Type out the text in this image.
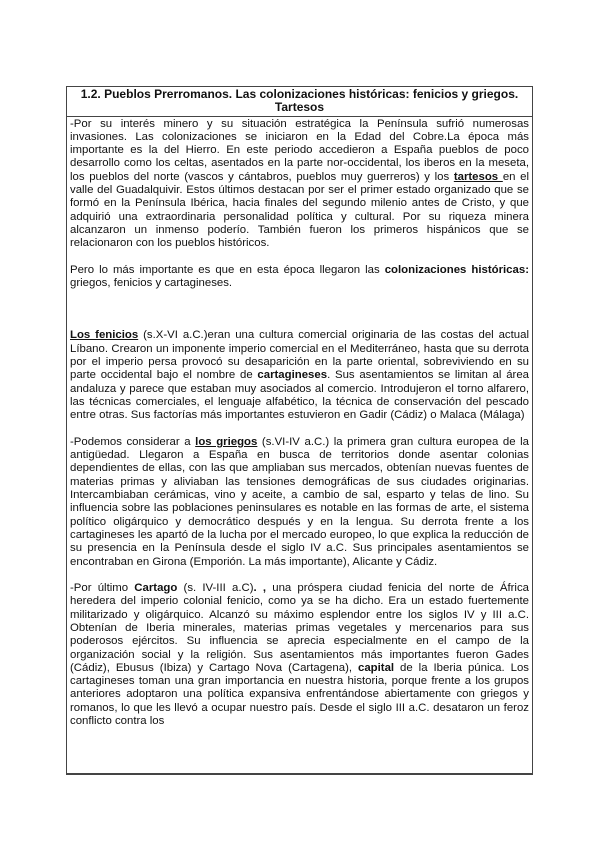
1.2. Pueblos Prerromanos. Las colonizaciones históricas: fenicios y griegos. Tartesos

-Por su interés minero y su situación estratégica la Península sufrió numerosas invasiones. Las colonizaciones se iniciaron en la Edad del Cobre.La época más importante es la del Hierro. En este periodo accedieron a España pueblos de poco desarrollo como los celtas, asentados en la parte nor-occidental, los iberos en la meseta, los pueblos del norte (vascos y cántabros, pueblos muy guerreros) y los tartesos en el valle del Guadalquivir. Estos últimos destacan por ser el primer estado organizado que se formó en la Península Ibérica, hacia finales del segundo milenio antes de Cristo, y que adquirió una extraordinaria personalidad política y cultural. Por su riqueza minera alcanzaron un inmenso poderío. También fueron los primeros hispánicos que se relacionaron con los pueblos históricos.

Pero lo más importante es que en esta época llegaron las colonizaciones históricas: griegos, fenicios y cartagineses.

Los fenicios (s.X-VI a.C.)eran una cultura comercial originaria de las costas del actual Líbano. Crearon un imponente imperio comercial en el Mediterráneo, hasta que su derrota por el imperio persa provocó su desaparición en la parte oriental, sobreviviendo en su parte occidental bajo el nombre de cartagineses. Sus asentamientos se limitan al área andaluza y parece que estaban muy asociados al comercio. Introdujeron el torno alfarero, las técnicas comerciales, el lenguaje alfabético, la técnica de conservación del pescado entre otras. Sus factorías más importantes estuvieron en Gadir (Cádiz) o Malaca (Málaga)

-Podemos considerar a los griegos (s.VI-IV a.C.) la primera gran cultura europea de la antigüedad. Llegaron a España en busca de territorios donde asentar colonias dependientes de ellas, con las que ampliaban sus mercados, obtenían nuevas fuentes de materias primas y aliviaban las tensiones demográficas de sus ciudades originarias. Intercambiaban cerámicas, vino y aceite, a cambio de sal, esparto y telas de lino. Su influencia sobre las poblaciones peninsulares es notable en las formas de arte, el sistema político oligárquico y democrático después y en la lengua. Su derrota frente a los cartagineses les apartó de la lucha por el mercado europeo, lo que explica la reducción de su presencia en la Península desde el siglo IV a.C. Sus principales asentamientos se encontraban en Girona (Emporión. La más importante), Alicante y Cádiz.

-Por último Cartago (s. IV-III a.C). , una próspera ciudad fenicia del norte de África heredera del imperio colonial fenicio, como ya se ha dicho. Era un estado fuertemente militarizado y oligárquico. Alcanzó su máximo esplendor entre los siglos IV y III a.C. Obtenían de Iberia minerales, materias primas vegetales y mercenarios para sus poderosos ejércitos. Su influencia se aprecia especialmente en el campo de la organización social y la religión. Sus asentamientos más importantes fueron Gades (Cádiz), Ebusus (Ibiza) y Cartago Nova (Cartagena), capital de la Iberia púnica. Los cartagineses toman una gran importancia en nuestra historia, porque frente a los grupos anteriores adoptaron una política expansiva enfrentándose abiertamente con griegos y romanos, lo que les llevó a ocupar nuestro país. Desde el siglo III a.C. desataron un feroz conflicto contra los
